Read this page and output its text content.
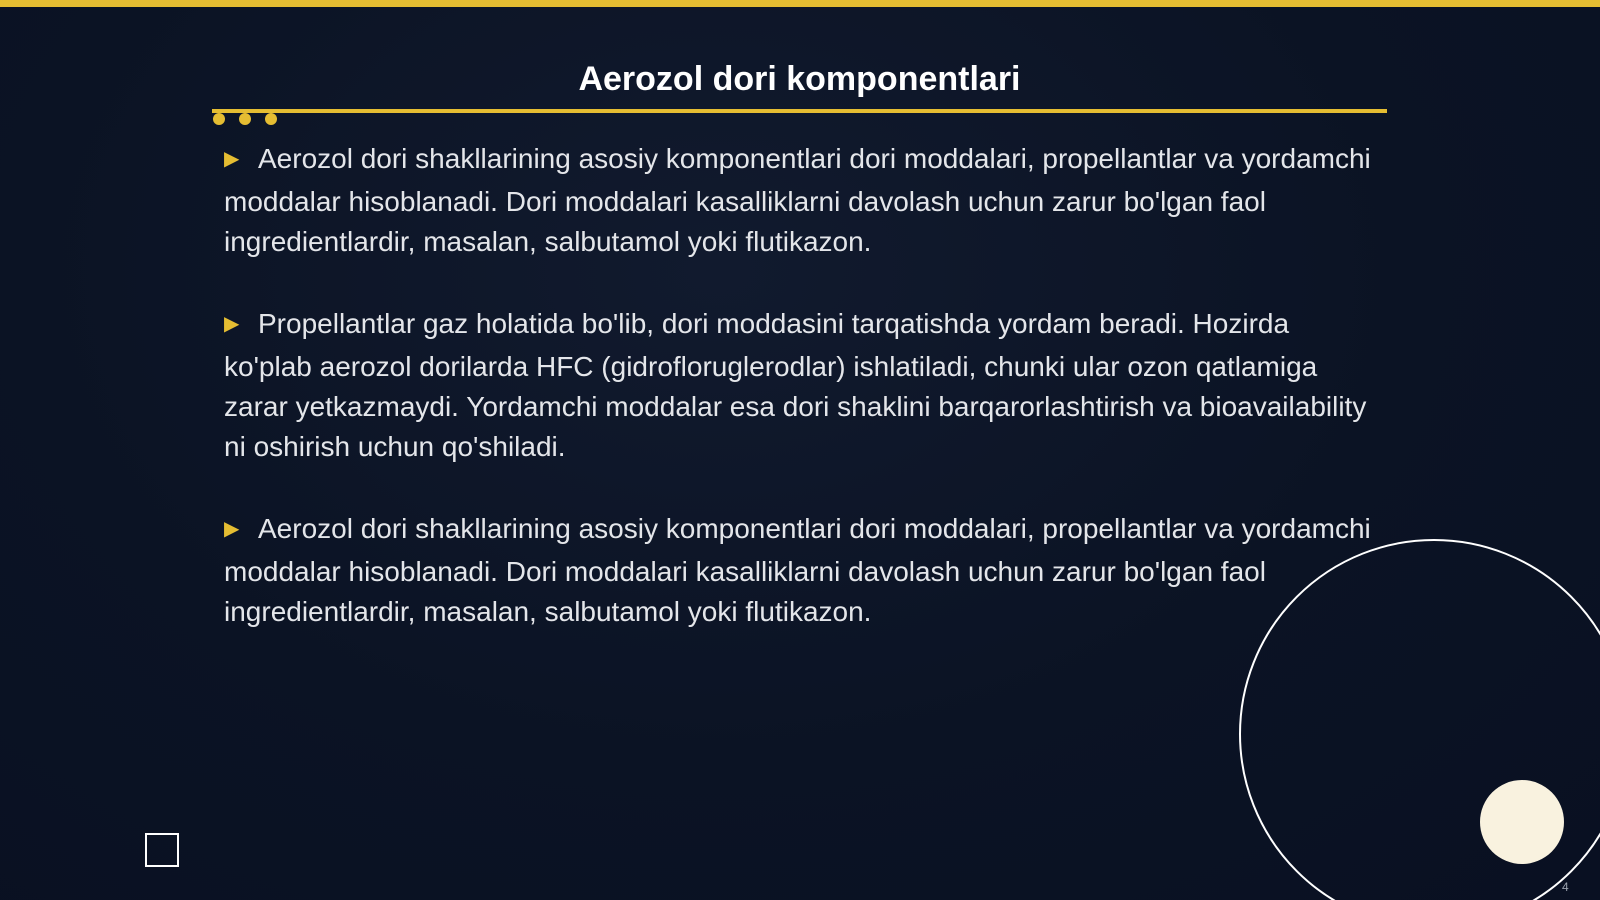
Aerozol dori komponentlari

▶ Aerozol dori shakllarining asosiy komponentlari dori moddalari, propellantlar va yordamchi moddalar hisoblanadi. Dori moddalari kasalliklarni davolash uchun zarur bo'lgan faol ingredientlardir, masalan, salbutamol yoki flutikazon.

▶ Propellantlar gaz holatida bo'lib, dori moddasini tarqatishda yordam beradi. Hozirda ko'plab aerozol dorilarda HFC (gidrofloruglerodlar) ishlatiladi, chunki ular ozon qatlamiga zarar yetkazmaydi. Yordamchi moddalar esa dori shaklini barqarorlashtirish va bioavailability ni oshirish uchun qo'shiladi.

▶ Aerozol dori shakllarining asosiy komponentlari dori moddalari, propellantlar va yordamchi moddalar hisoblanadi. Dori moddalari kasalliklarni davolash uchun zarur bo'lgan faol ingredientlardir, masalan, salbutamol yoki flutikazon.

4
